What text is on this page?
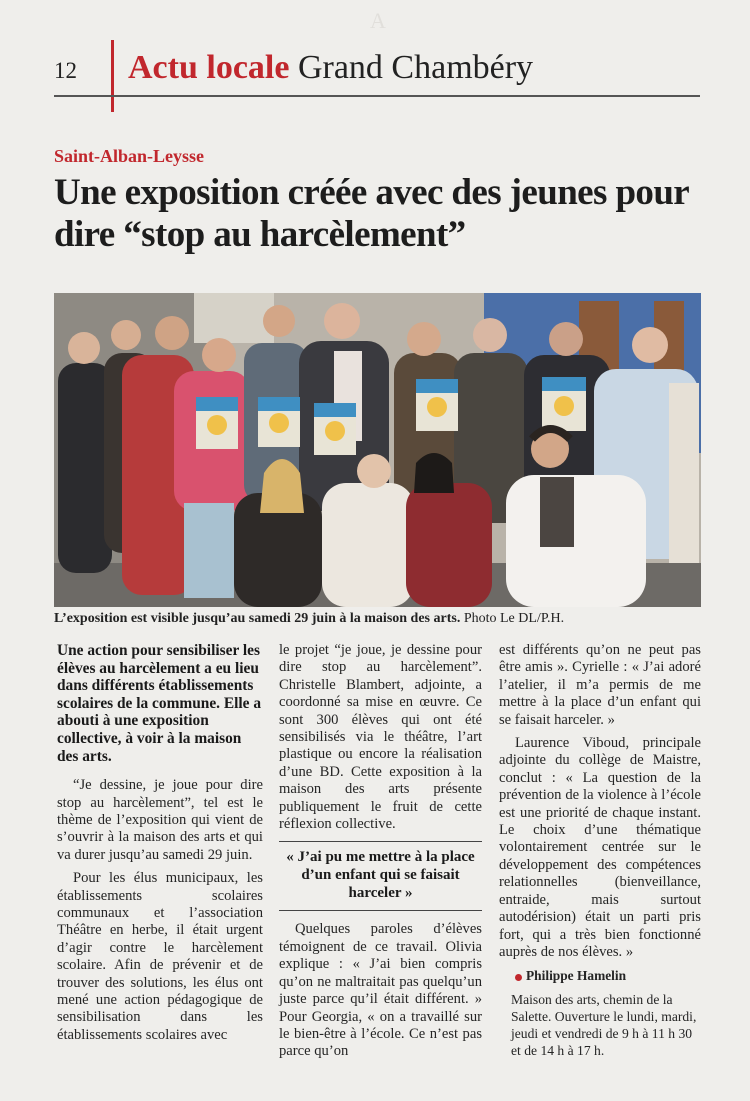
A
12 Actu locale Grand Chambéry
Saint-Alban-Leysse
Une exposition créée avec des jeunes pour dire “stop au harcèlement”
L’exposition est visible jusqu’au samedi 29 juin à la maison des arts. Photo Le DL/P.H.

Une action pour sensibiliser les élèves au harcèlement a eu lieu dans différents établissements scolaires de la commune. Elle a abouti à une exposition collective, à voir à la maison des arts.

“Je dessine, je joue pour dire stop au harcèlement”, tel est le thème de l’exposition qui vient de s’ouvrir à la maison des arts et qui va durer jusqu’au samedi 29 juin.

Pour les élus municipaux, les établissements scolaires communaux et l’association Théâtre en herbe, il était urgent d’agir contre le harcèlement scolaire. Afin de prévenir et de trouver des solutions, les élus ont mené une action pédagogique de sensibilisation dans les établissements scolaires avec

le projet “je joue, je dessine pour dire stop au harcèlement”. Christelle Blambert, adjointe, a coordonné sa mise en œuvre. Ce sont 300 élèves qui ont été sensibilisés via le théâtre, l’art plastique ou encore la réalisation d’une BD. Cette exposition à la maison des arts présente publiquement le fruit de cette réflexion collective.

« J’ai pu me mettre à la place d’un enfant qui se faisait harceler »

Quelques paroles d’élèves témoignent de ce travail. Olivia explique : « J’ai bien compris qu’on ne maltraitait pas quelqu’un juste parce qu’il était différent. » Pour Georgia, « on a travaillé sur le bien-être à l’école. Ce n’est pas parce qu’on

est différents qu’on ne peut pas être amis ». Cyrielle : « J’ai adoré l’atelier, il m’a permis de me mettre à la place d’un enfant qui se faisait harceler. »

Laurence Viboud, principale adjointe du collège de Maistre, conclut : « La question de la prévention de la violence à l’école est une priorité de chaque instant. Le choix d’une thématique volontairement centrée sur le développement des compétences relationnelles (bienveillance, entraide, mais surtout autodérision) était un parti pris fort, qui a très bien fonctionné auprès de nos élèves. »

Philippe Hamelin

Maison des arts, chemin de la Salette. Ouverture le lundi, mardi, jeudi et vendredi de 9 h à 11 h 30 et de 14 h à 17 h.
